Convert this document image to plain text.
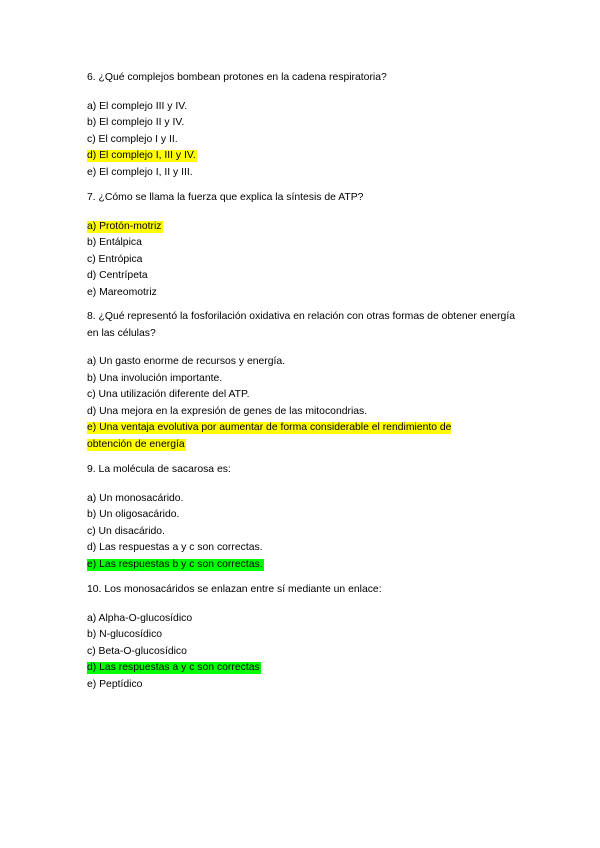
6. ¿Qué complejos bombean protones en la cadena respiratoria?
a) El complejo III y IV.
b) El complejo II y IV.
c) El complejo I y II.
d) El complejo I, III y IV.
e) El complejo I, II y III.
7. ¿Cómo se llama la fuerza que explica la síntesis de ATP?
a) Protón-motriz
b) Entálpica
c) Entrópica
d) Centrípeta
e) Mareomotriz
8. ¿Qué representó la fosforilación oxidativa en relación con otras formas de obtener energía en las células?
a) Un gasto enorme de recursos y energía.
b) Una involución importante.
c) Una utilización diferente del ATP.
d) Una mejora en la expresión de genes de las mitocondrias.
e) Una ventaja evolutiva por aumentar de forma considerable el rendimiento de obtención de energía
9. La molécula de sacarosa es:
a) Un monosacárido.
b) Un oligosacárido.
c) Un disacárido.
d) Las respuestas a y c son correctas.
e) Las respuestas b y c son correctas.
10. Los monosacáridos se enlazan entre sí mediante un enlace:
a) Alpha-O-glucosídico
b) N-glucosídico
c) Beta-O-glucosídico
d) Las respuestas a y c son correctas
e) Peptídico
